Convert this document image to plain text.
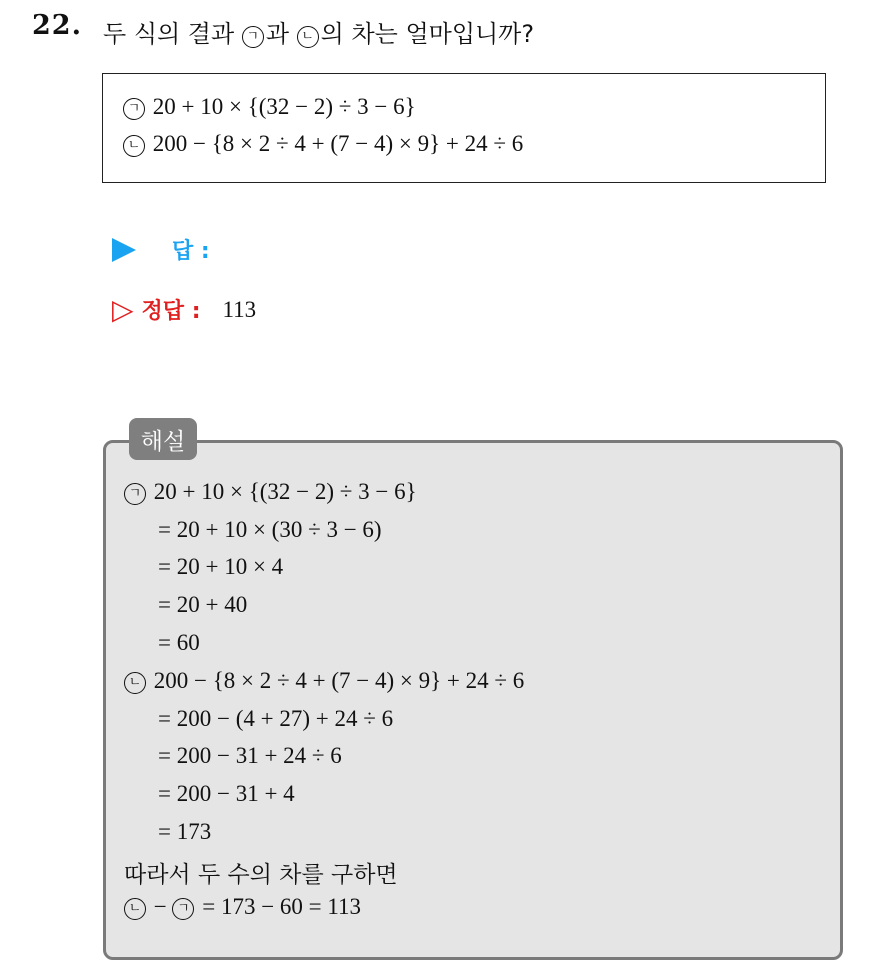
22. 두 식의 결과 ㄱ 과 ㄴ 의 차는 얼마입니까?
ㄱ 20 + 10 × {(32 − 2) ÷ 3 − 6}
ㄴ 200 − {8 × 2 ÷ 4 + (7 − 4) × 9} + 24 ÷ 6
답 :
▷ 정답 : 113
해설
ㄱ 20 + 10 × {(32 − 2) ÷ 3 − 6}
= 20 + 10 × (30 ÷ 3 − 6)
= 20 + 10 × 4
= 20 + 40
= 60
ㄴ 200 − {8 × 2 ÷ 4 + (7 − 4) × 9} + 24 ÷ 6
= 200 − (4 + 27) + 24 ÷ 6
= 200 − 31 + 24 ÷ 6
= 200 − 31 + 4
= 173
따라서 두 수의 차를 구하면
ㄴ − ㄱ = 173 − 60 = 113
